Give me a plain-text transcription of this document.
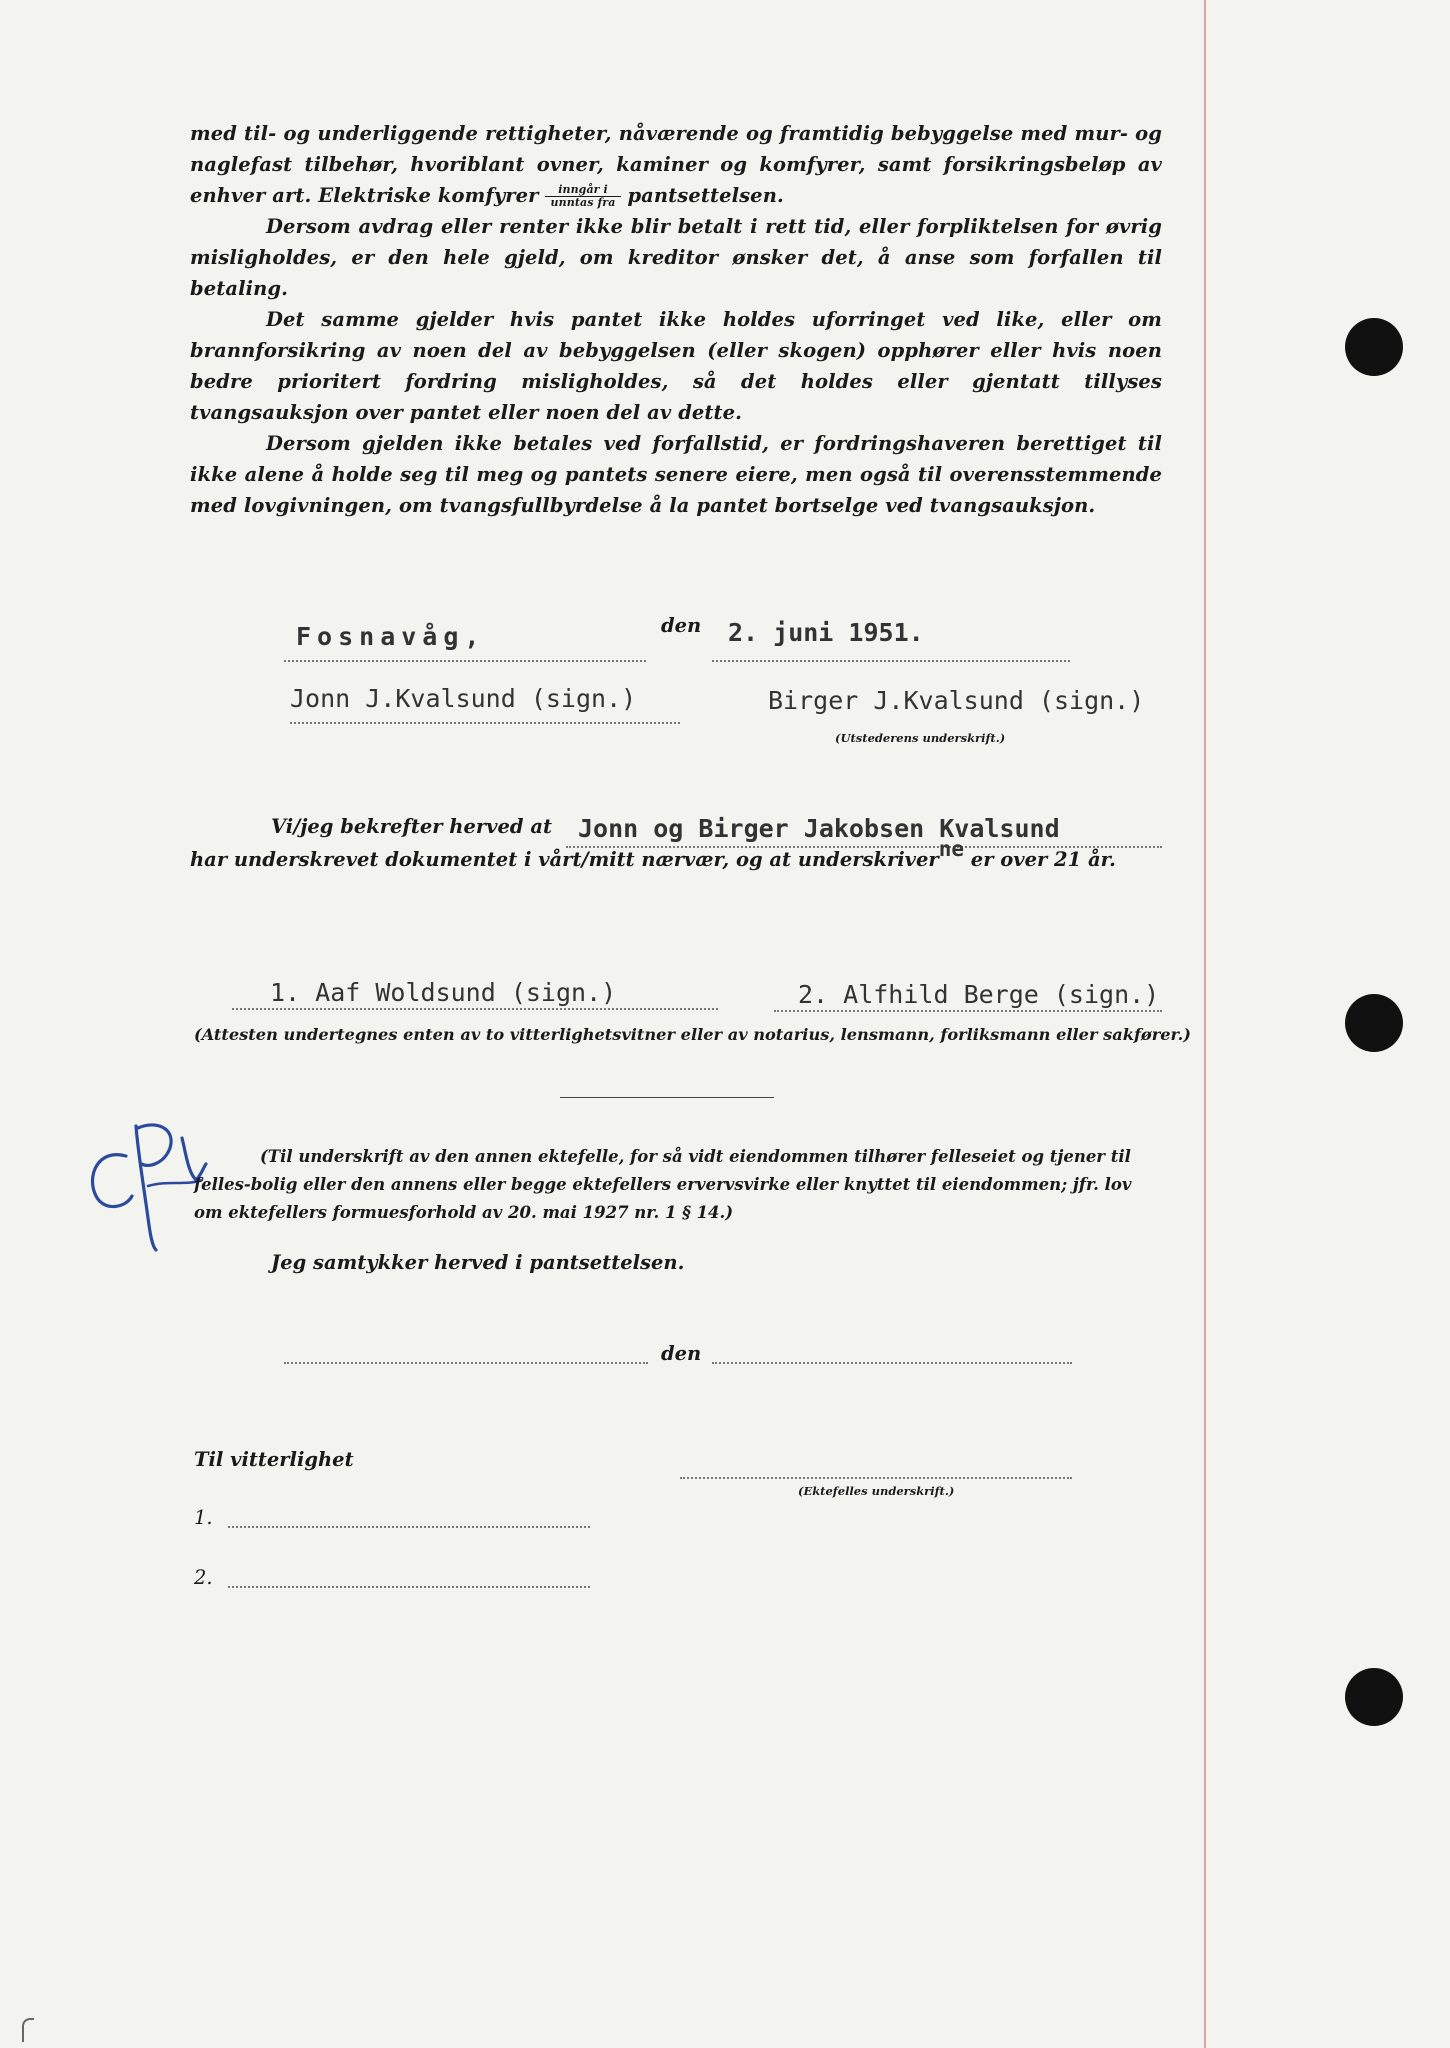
med til- og underliggende rettigheter, nåværende og framtidig bebyggelse med mur- og naglefast tilbehør, hvoriblant ovner, kaminer og komfyrer, samt forsikringsbeløp av enhver art. Elektriske komfyrer $\frac{\text{inngår i}}{\text{unntas fra}}$ pantsettelsen.

Dersom avdrag eller renter ikke blir betalt i rett tid, eller forpliktelsen for øvrig misligholdes, er den hele gjeld, om kreditor ønsker det, å anse som forfallen til betaling.

Det samme gjelder hvis pantet ikke holdes uforringet ved like, eller om brannforsikring av noen del av bebyggelsen (eller skogen) opphører eller hvis noen bedre prioritert fordring misligholdes, så det holdes eller gjentatt tillyses tvangsauksjon over pantet eller noen del av dette.

Dersom gjelden ikke betales ved forfallstid, er fordringshaveren berettiget til ikke alene å holde seg til meg og pantets senere eiere, men også til overensstemmende med lovgivningen, om tvangsfullbyrdelse å la pantet bortselge ved tvangsauksjon.

Fosnavåg,	den 2. juni 1951.
Jonn J.Kvalsund (sign.)	Birger J.Kvalsund (sign.)
(Utstederens underskrift.)
Vi/jeg bekrefter herved at Jonn og Birger Jakobsen Kvalsund
har underskrevet dokumentet i vårt/mitt nærvær, og at underskriverne er over 21 år.
1. Aaf Woldsund (sign.)	2. Alfhild Berge (sign.)
(Attesten undertegnes enten av to vitterlighetsvitner eller av notarius, lensmann, forliksmann eller sakfører.)
(Til underskrift av den annen ektefelle, for så vidt eiendommen tilhører felleseiet og tjener til felles-bolig eller den annens eller begge ektefellers ervervsvirke eller knyttet til eiendommen; jfr. lov om ektefellers formuesforhold av 20. mai 1927 nr. 1 § 14.)
Jeg samtykker herved i pantsettelsen.
den
Til vitterlighet
(Ektefelles underskrift.)
1.
2.
